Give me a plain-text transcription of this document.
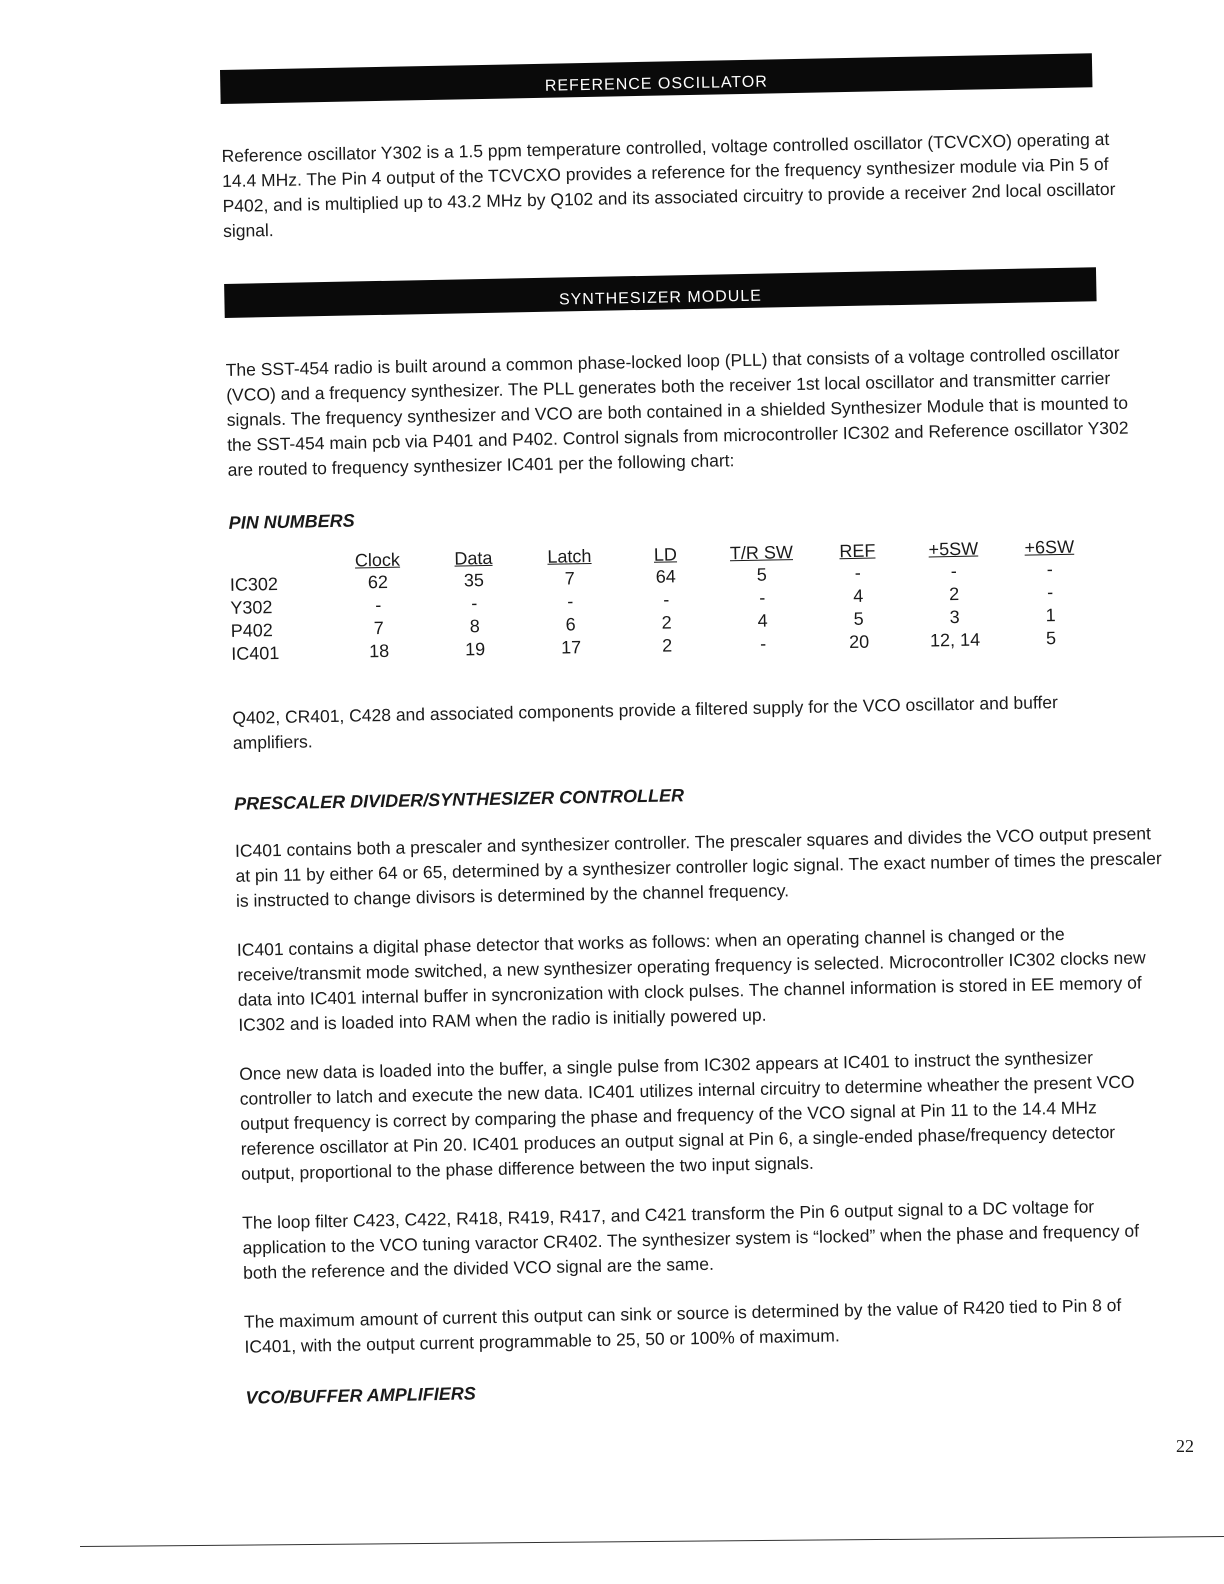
REFERENCE OSCILLATOR

Reference oscillator Y302 is a 1.5 ppm temperature controlled, voltage controlled oscillator (TCVCXO) operating at 14.4 MHz. The Pin 4 output of the TCVCXO provides a reference for the frequency synthesizer module via Pin 5 of P402, and is multiplied up to 43.2 MHz by Q102 and its associated circuitry to provide a receiver 2nd local oscillator signal.

SYNTHESIZER MODULE

The SST-454 radio is built around a common phase-locked loop (PLL) that consists of a voltage controlled oscillator (VCO) and a frequency synthesizer. The PLL generates both the receiver 1st local oscillator and transmitter carrier signals. The frequency synthesizer and VCO are both contained in a shielded Synthesizer Module that is mounted to the SST-454 main pcb via P401 and P402. Control signals from microcontroller IC302 and Reference oscillator Y302 are routed to frequency synthesizer IC401 per the following chart:

PIN NUMBERS
	Clock	Data	Latch	LD	T/R SW	REF	+5SW	+6SW
IC302	62	35	7	64	5	-	-	-
Y302	-	-	-	-	-	4	2	-
P402	7	8	6	2	4	5	3	1
IC401	18	19	17	2	-	20	12, 14	5

Q402, CR401, C428 and associated components provide a filtered supply for the VCO oscillator and buffer amplifiers.

PRESCALER DIVIDER/SYNTHESIZER CONTROLLER

IC401 contains both a prescaler and synthesizer controller. The prescaler squares and divides the VCO output present at pin 11 by either 64 or 65, determined by a synthesizer controller logic signal. The exact number of times the prescaler is instructed to change divisors is determined by the channel frequency.

IC401 contains a digital phase detector that works as follows: when an operating channel is changed or the receive/transmit mode switched, a new synthesizer operating frequency is selected. Microcontroller IC302 clocks new data into IC401 internal buffer in syncronization with clock pulses. The channel information is stored in EE memory of IC302 and is loaded into RAM when the radio is initially powered up.

Once new data is loaded into the buffer, a single pulse from IC302 appears at IC401 to instruct the synthesizer controller to latch and execute the new data. IC401 utilizes internal circuitry to determine wheather the present VCO output frequency is correct by comparing the phase and frequency of the VCO signal at Pin 11 to the 14.4 MHz reference oscillator at Pin 20. IC401 produces an output signal at Pin 6, a single-ended phase/frequency detector output, proportional to the phase difference between the two input signals.

The loop filter C423, C422, R418, R419, R417, and C421 transform the Pin 6 output signal to a DC voltage for application to the VCO tuning varactor CR402. The synthesizer system is “locked” when the phase and frequency of both the reference and the divided VCO signal are the same.

The maximum amount of current this output can sink or source is determined by the value of R420 tied to Pin 8 of IC401, with the output current programmable to 25, 50 or 100% of maximum.

VCO/BUFFER AMPLIFIERS
22
